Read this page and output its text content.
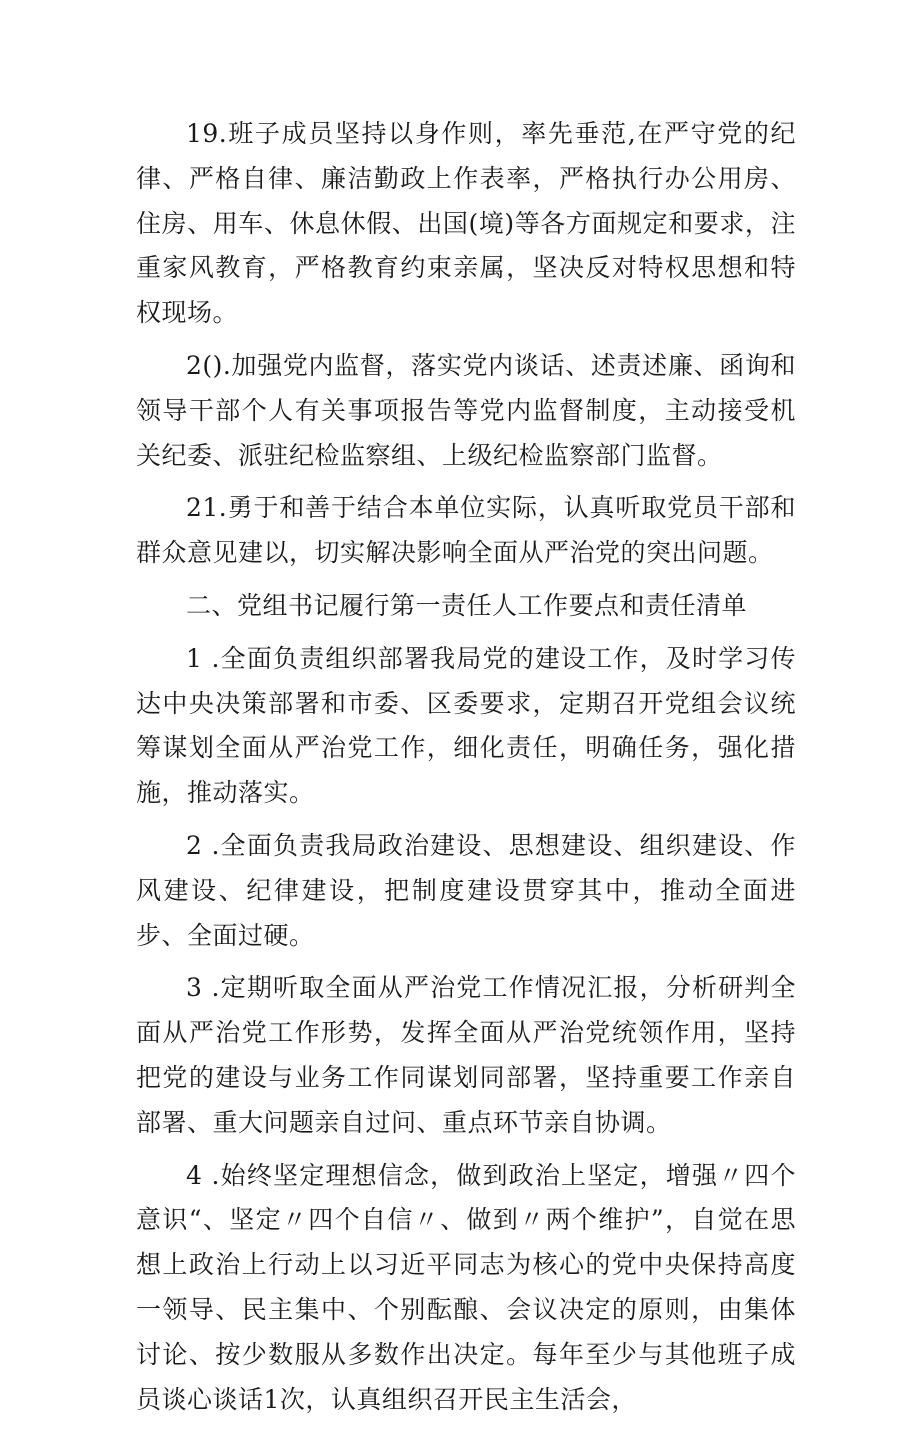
19.班子成员坚持以身作则，率先垂范,在严守党的纪律、严格自律、廉洁勤政上作表率，严格执行办公用房、住房、用车、休息休假、出国(境)等各方面规定和要求，注重家风教育，严格教育约束亲属，坚决反对特权思想和特权现场。

2().加强党内监督，落实党内谈话、述责述廉、函询和领导干部个人有关事项报告等党内监督制度，主动接受机关纪委、派驻纪检监察组、上级纪检监察部门监督。

21.勇于和善于结合本单位实际，认真听取党员干部和群众意见建以，切实解决影响全面从严治党的突出问题。

二、党组书记履行第一责任人工作要点和责任清单

1 .全面负责组织部署我局党的建设工作，及时学习传达中央决策部署和市委、区委要求，定期召开党组会议统筹谋划全面从严治党工作，细化责任，明确任务，强化措施，推动落实。

2 .全面负责我局政治建设、思想建设、组织建设、作风建设、纪律建设，把制度建设贯穿其中，推动全面进步、全面过硬。

3 .定期听取全面从严治党工作情况汇报，分析研判全面从严治党工作形势，发挥全面从严治党统领作用，坚持把党的建设与业务工作同谋划同部署，坚持重要工作亲自部署、重大问题亲自过问、重点环节亲自协调。

4 .始终坚定理想信念，做到政治上坚定，增强〃四个意识“、坚定〃四个自信〃、做到〃两个维护”，自觉在思想上政治上行动上以习近平同志为核心的党中央保持高度一领导、民主集中、个别酝酿、会议决定的原则，由集体讨论、按少数服从多数作出决定。每年至少与其他班子成员谈心谈话1次，认真组织召开民主生活会，
